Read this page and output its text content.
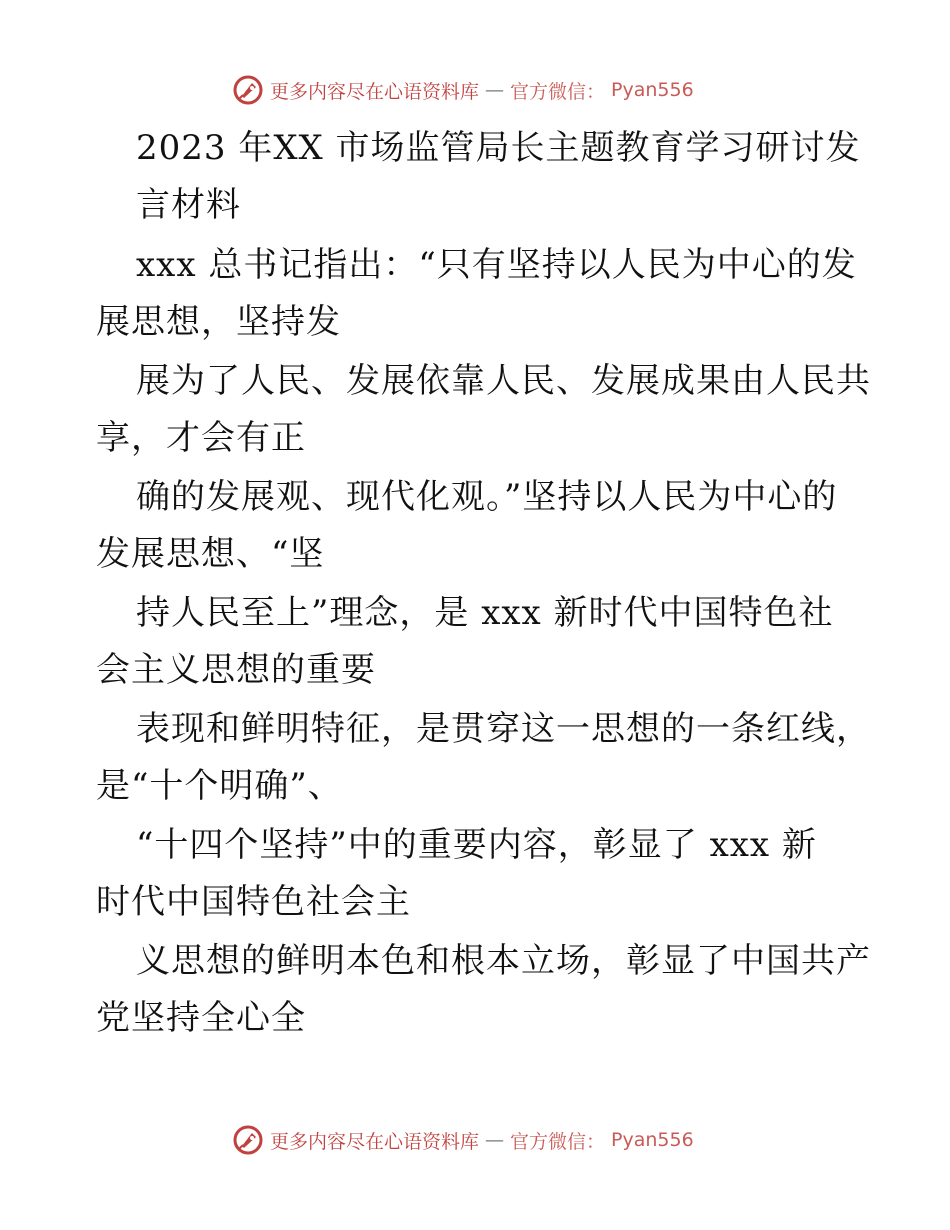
更多内容尽在心语资料库 — 官方微信： Pyan556

2023 年XX 市场监管局长主题教育学习研讨发

言材料

xxx 总书记指出：“只有坚持以人民为中心的发

展思想，坚持发

展为了人民、发展依靠人民、发展成果由人民共

享，才会有正

确的发展观、现代化观。”坚持以人民为中心的

发展思想、“坚

持人民至上”理念，是 xxx 新时代中国特色社

会主义思想的重要

表现和鲜明特征，是贯穿这一思想的一条红线，

是“十个明确”、

“十四个坚持”中的重要内容，彰显了 xxx 新

时代中国特色社会主

义思想的鲜明本色和根本立场，彰显了中国共产

党坚持全心全

更多内容尽在心语资料库 — 官方微信： Pyan556
